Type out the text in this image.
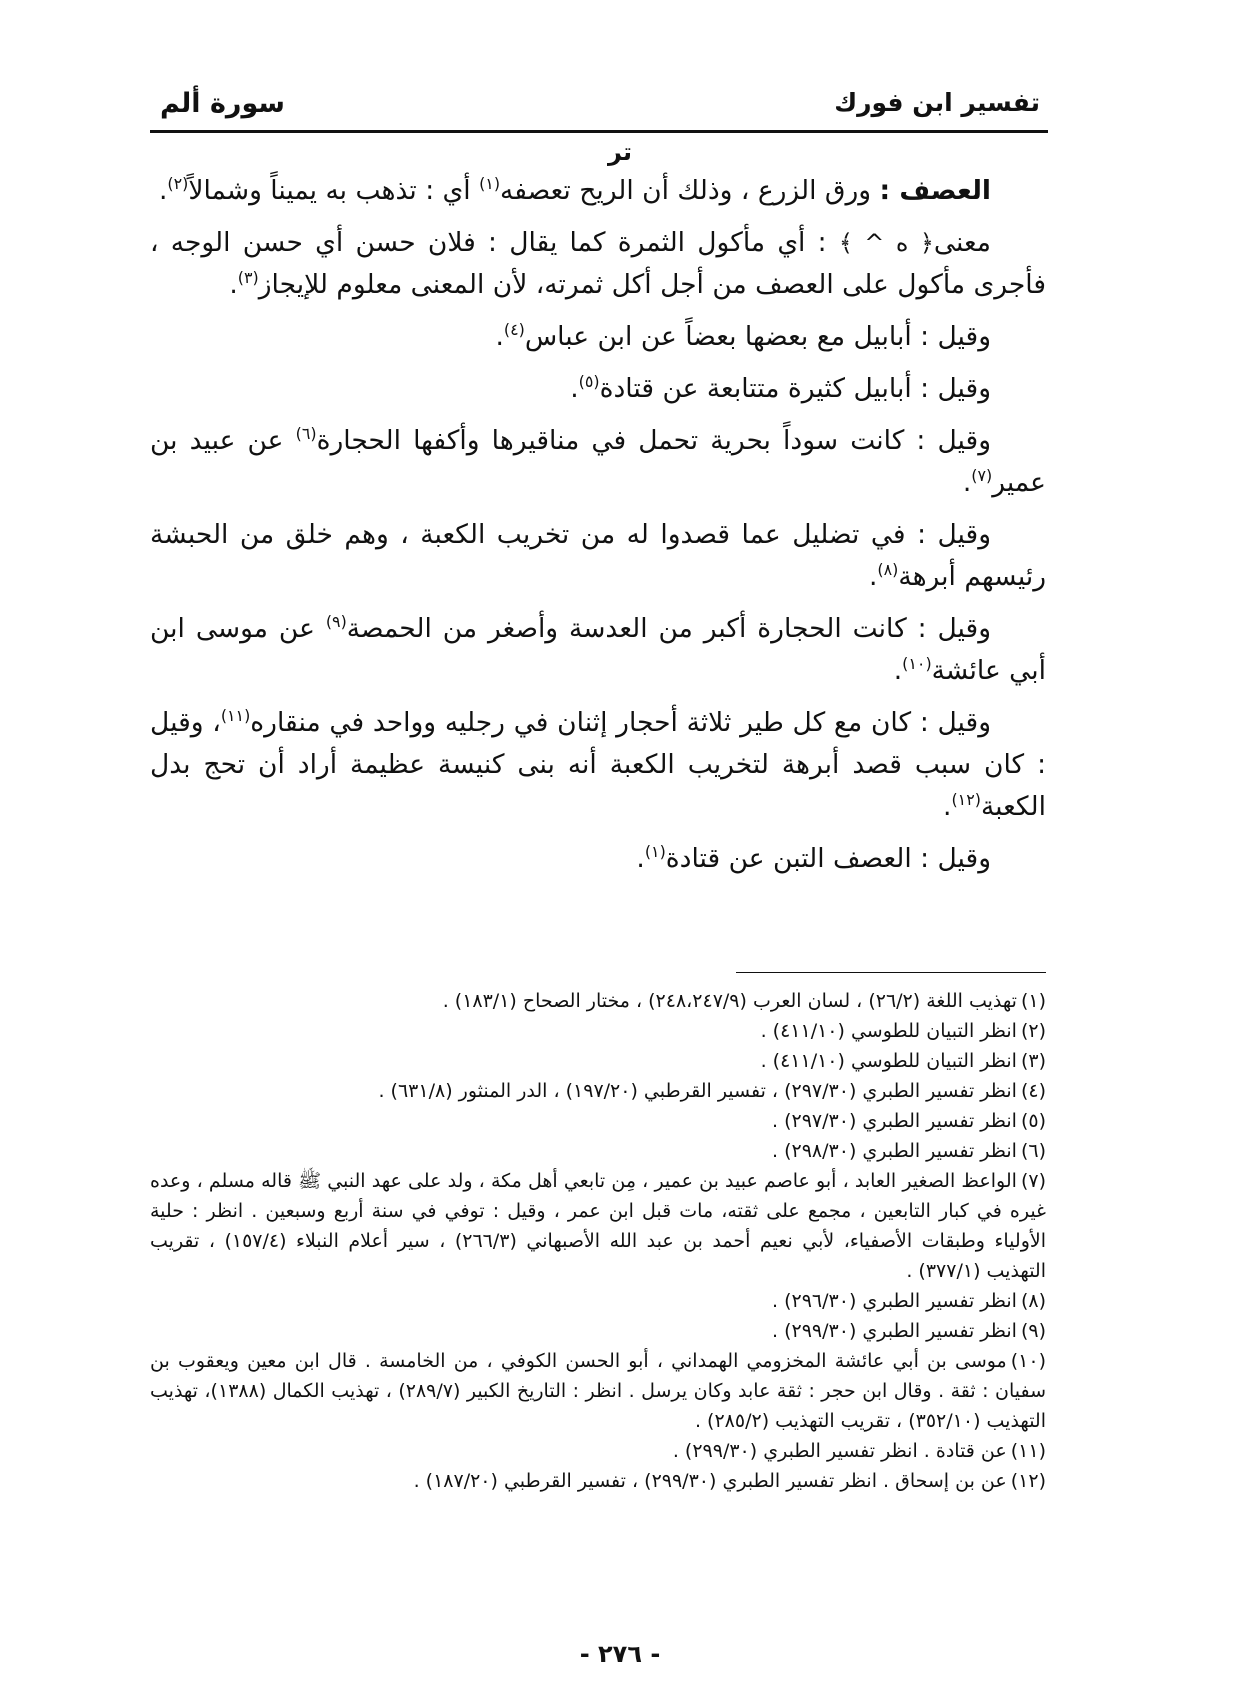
تفسير ابن فورك
سورة ألم
تر

العصف : ورق الزرع ، وذلك أن الريح تعصفه$^{(١)}$ أي : تذهب به يميناً وشمالاً$^{(٢)}$.

معنى﴿ ه ^ ﴾ : أي مأكول الثمرة كما يقال : فلان حسن أي حسن الوجه ، فأجرى مأكول على العصف من أجل أكل ثمرته، لأن المعنى معلوم للإيجاز$^{(٣)}$.

وقيل : أبابيل مع بعضها بعضاً عن ابن عباس$^{(٤)}$.

وقيل : أبابيل كثيرة متتابعة عن قتادة$^{(٥)}$.

وقيل : كانت سوداً بحرية تحمل في مناقيرها وأكفها الحجارة$^{(٦)}$ عن عبيد بن عمير$^{(٧)}$.

وقيل : في تضليل عما قصدوا له من تخريب الكعبة ، وهم خلق من الحبشة رئيسهم أبرهة$^{(٨)}$.

وقيل : كانت الحجارة أكبر من العدسة وأصغر من الحمصة$^{(٩)}$ عن موسى ابن أبي عائشة$^{(١٠)}$.

وقيل : كان مع كل طير ثلاثة أحجار إثنان في رجليه وواحد في منقاره$^{(١١)}$، وقيل : كان سبب قصد أبرهة لتخريب الكعبة أنه بنى كنيسة عظيمة أراد أن تحج بدل الكعبة$^{(١٢)}$.

وقيل : العصف التبن عن قتادة$^{(١)}$.

(١)تهذيب اللغة (٢٦/٢) ، لسان العرب (٢٤٨،٢٤٧/٩) ، مختار الصحاح (١٨٣/١) .

(٢)انظر التبيان للطوسي (٤١١/١٠) .

(٣)انظر التبيان للطوسي (٤١١/١٠) .

(٤)انظر تفسير الطبري (٢٩٧/٣٠) ، تفسير القرطبي (١٩٧/٢٠) ، الدر المنثور (٦٣١/٨) .

(٥)انظر تفسير الطبري (٢٩٧/٣٠) .

(٦)انظر تفسير الطبري (٢٩٨/٣٠) .

(٧)الواعظ الصغير العابد ، أبو عاصم عبيد بن عمير ، مِن تابعي أهل مكة ، ولد على عهد النبي ﷺ قاله مسلم ، وعده غيره في كبار التابعين ، مجمع على ثقته، مات قبل ابن عمر ، وقيل : توفي في سنة أربع وسبعين . انظر : حلية الأولياء وطبقات الأصفياء، لأبي نعيم أحمد بن عبد الله الأصبهاني (٢٦٦/٣) ، سير أعلام النبلاء (١٥٧/٤) ، تقريب التهذيب (٣٧٧/١) .

(٨)انظر تفسير الطبري (٢٩٦/٣٠) .

(٩)انظر تفسير الطبري (٢٩٩/٣٠) .

(١٠)موسى بن أبي عائشة المخزومي الهمداني ، أبو الحسن الكوفي ، من الخامسة . قال ابن معين ويعقوب بن سفيان : ثقة . وقال ابن حجر : ثقة عابد وكان يرسل . انظر : التاريخ الكبير (٢٨٩/٧) ، تهذيب الكمال (١٣٨٨)، تهذيب التهذيب (٣٥٢/١٠) ، تقريب التهذيب (٢٨٥/٢) .

(١١)عن قتادة . انظر تفسير الطبري (٢٩٩/٣٠) .

(١٢)عن بن إسحاق . انظر تفسير الطبري (٢٩٩/٣٠) ، تفسير القرطبي (١٨٧/٢٠) .

- ٢٧٦ -
